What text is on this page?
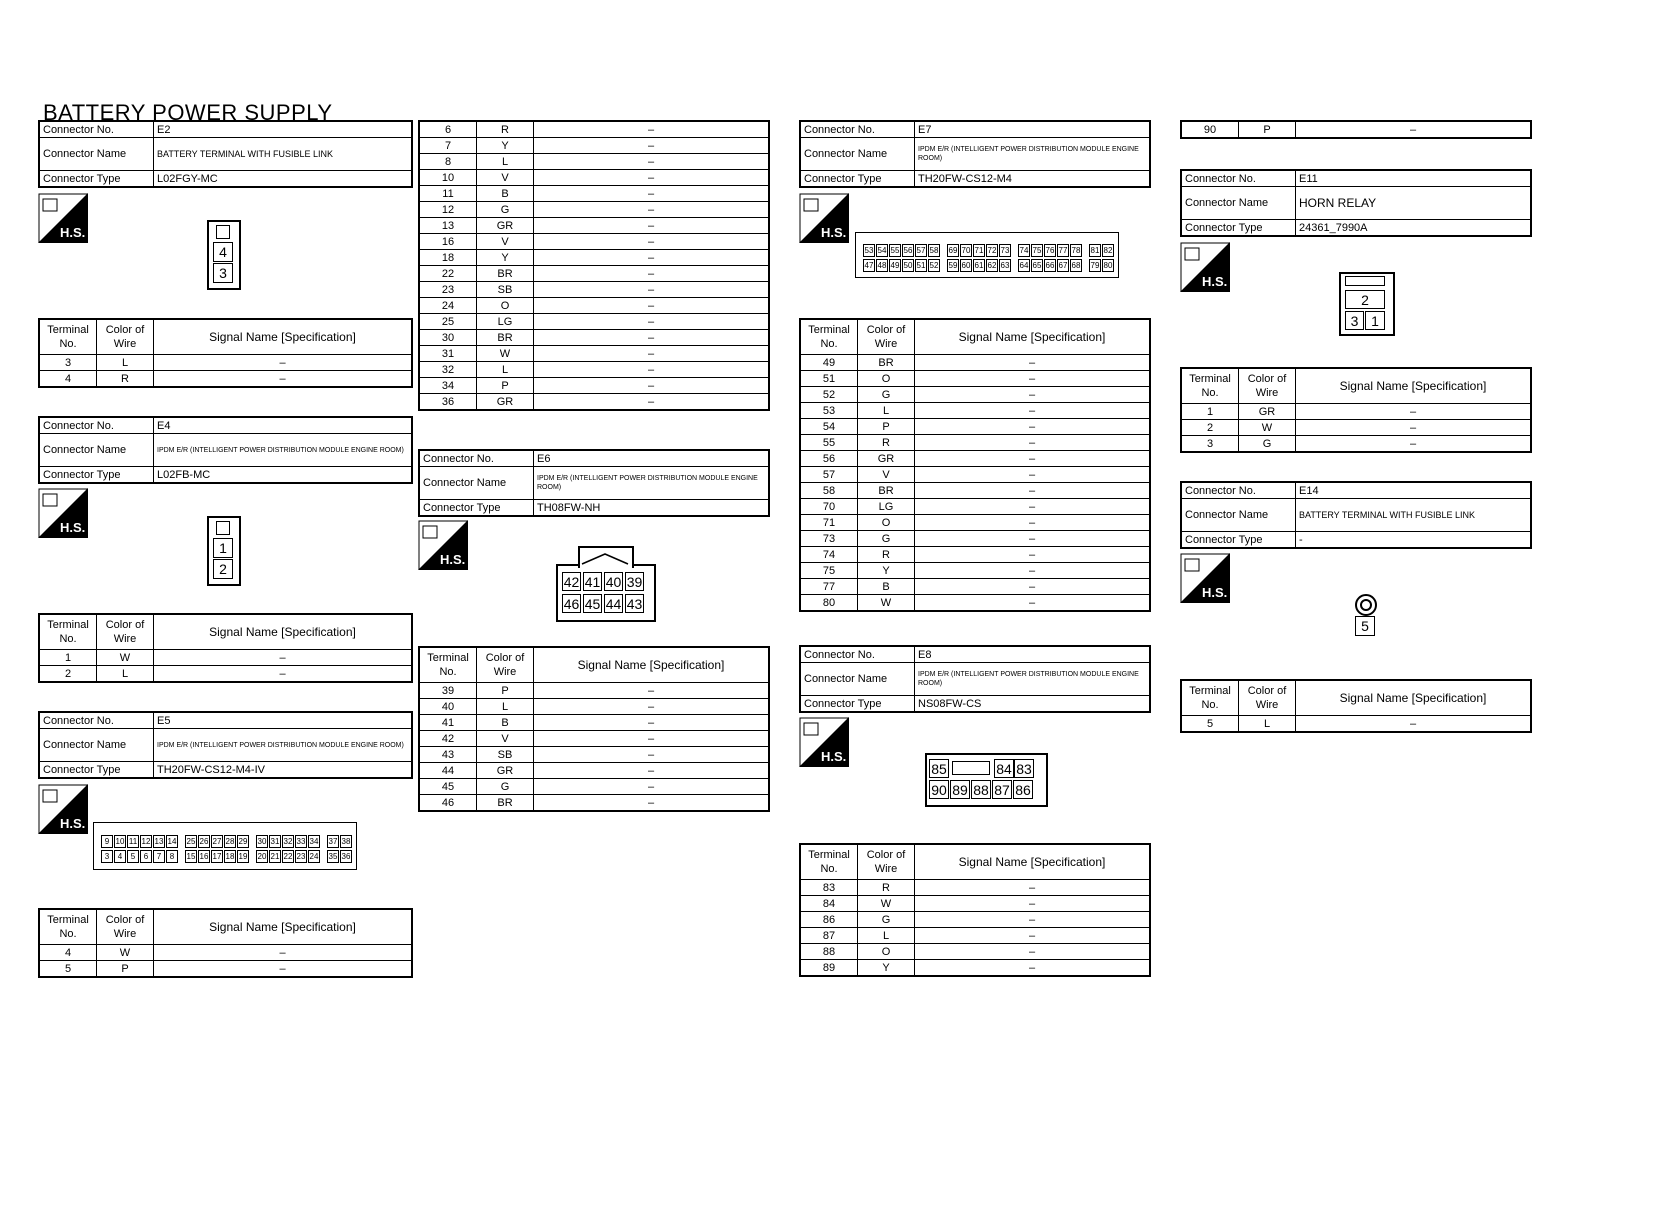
BATTERY POWER SUPPLY
Connector No.	E2
Connector Name	BATTERY TERMINAL WITH FUSIBLE LINK
Connector Type	L02FGY-MC
H.S.
4
3
Terminal No.	Color of Wire	Signal Name [Specification]
3	L	–
4	R	–
Connector No.	E4
Connector Name	IPDM E/R (INTELLIGENT POWER DISTRIBUTION MODULE ENGINE ROOM)
Connector Type	L02FB-MC
H.S.
1
2
Terminal No.	Color of Wire	Signal Name [Specification]
1	W	–
2	L	–
Connector No.	E5
Connector Name	IPDM E/R (INTELLIGENT POWER DISTRIBUTION MODULE ENGINE ROOM)
Connector Type	TH20FW-CS12-M4-IV
H.S.
9 10 11 12 13 14 25 26 27 28 29 30 31 32 33 34 37 38
3 4 5 6 7 8 15 16 17 18 19 20 21 22 23 24 35 36
Terminal No.	Color of Wire	Signal Name [Specification]
4	W	–
5	P	–
6	R	–
7	Y	–
8	L	–
10	V	–
11	B	–
12	G	–
13	GR	–
16	V	–
18	Y	–
22	BR	–
23	SB	–
24	O	–
25	LG	–
30	BR	–
31	W	–
32	L	–
34	P	–
36	GR	–
Connector No.	E6
Connector Name	IPDM E/R (INTELLIGENT POWER DISTRIBUTION MODULE ENGINE ROOM)
Connector Type	TH08FW-NH
H.S.
42 41 40 39
46 45 44 43
Terminal No.	Color of Wire	Signal Name [Specification]
39	P	–
40	L	–
41	B	–
42	V	–
43	SB	–
44	GR	–
45	G	–
46	BR	–
Connector No.	E7
Connector Name	IPDM E/R (INTELLIGENT POWER DISTRIBUTION MODULE ENGINE ROOM)
Connector Type	TH20FW-CS12-M4
H.S.
53 54 55 56 57 58 69 70 71 72 73 74 75 76 77 78 81 82
47 48 49 50 51 52 59 60 61 62 63 64 65 66 67 68 79 80
Terminal No.	Color of Wire	Signal Name [Specification]
49	BR	–
51	O	–
52	G	–
53	L	–
54	P	–
55	R	–
56	GR	–
57	V	–
58	BR	–
70	LG	–
71	O	–
73	G	–
74	R	–
75	Y	–
77	B	–
80	W	–
Connector No.	E8
Connector Name	IPDM E/R (INTELLIGENT POWER DISTRIBUTION MODULE ENGINE ROOM)
Connector Type	NS08FW-CS
H.S.
85	84 83
90 89 88 87 86
Terminal No.	Color of Wire	Signal Name [Specification]
83	R	–
84	W	–
86	G	–
87	L	–
88	O	–
89	Y	–
90	P	–
Connector No.	E11
Connector Name	HORN RELAY
Connector Type	24361_7990A
H.S.
2
3 1
Terminal No.	Color of Wire	Signal Name [Specification]
1	GR	–
2	W	–
3	G	–
Connector No.	E14
Connector Name	BATTERY TERMINAL WITH FUSIBLE LINK
Connector Type	-
H.S.
5
Terminal No.	Color of Wire	Signal Name [Specification]
5	L	–
